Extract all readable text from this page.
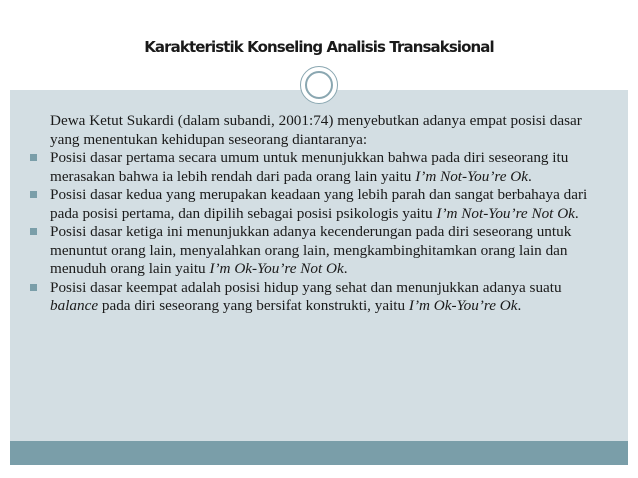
Karakteristik Konseling Analisis Transaksional

Dewa Ketut Sukardi (dalam subandi, 2001:74) menyebutkan adanya empat posisi dasar yang menentukan kehidupan seseorang diantaranya:

Posisi dasar pertama secara umum untuk menunjukkan bahwa pada diri seseorang itu merasakan bahwa ia lebih rendah dari pada orang lain yaitu I’m Not-You’re Ok.

Posisi dasar kedua yang merupakan keadaan yang lebih parah dan sangat berbahaya dari pada posisi pertama, dan dipilih sebagai posisi psikologis yaitu I’m Not-You’re Not Ok.

Posisi dasar ketiga ini menunjukkan adanya kecenderungan pada diri seseorang untuk menuntut orang lain, menyalahkan orang lain, mengkambinghitamkan orang lain dan menuduh orang lain yaitu I’m Ok-You’re Not Ok.

Posisi dasar keempat adalah posisi hidup yang sehat dan menunjukkan adanya suatu balance pada diri seseorang yang bersifat konstrukti, yaitu I’m Ok-You’re Ok.
